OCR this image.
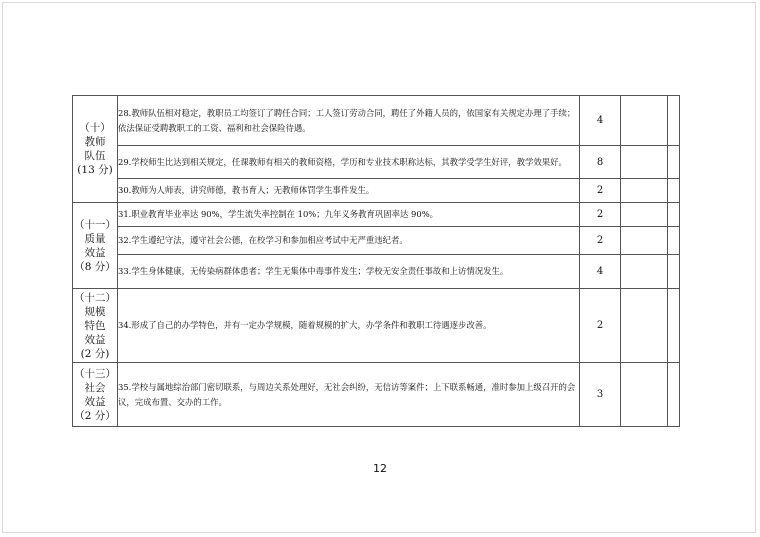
（十）
教师
队伍
(13 分)	28.教师队伍相对稳定，教职员工均签订了聘任合同；工人签订劳动合同，聘任了外籍人员的，依国家有关规定办理了手续；依法保证受聘教职工的工资、福利和社会保险待遇。	4		
	29.学校师生比达到相关规定，任课教师有相关的教师资格，学历和专业技术职称达标，其教学受学生好评，教学效果好。	8		
	30.教师为人师表，讲究师德，教书育人；无教师体罚学生事件发生。	2		

（十一）
质量
效益
（8 分）	31.职业教育毕业率达 90%，学生流失率控制在 10%；九年义务教育巩固率达 90%。	2		
	32.学生遵纪守法，遵守社会公德，在校学习和参加相应考试中无严重违纪者。	2		
	33.学生身体健康，无传染病群体患者；学生无集体中毒事件发生；学校无安全责任事故和上访情况发生。	4		

（十二）
规模
特色
效益
(2 分)	34.形成了自己的办学特色，并有一定办学规模，随着规模的扩大，办学条件和教职工待遇逐步改善。	2		

（十三）
社会
效益
（2 分）	35.学校与属地综治部门密切联系，与周边关系处理好，无社会纠纷，无信访等案件；上下联系畅通，准时参加上级召开的会议，完成布置、交办的工作。	3		
12
